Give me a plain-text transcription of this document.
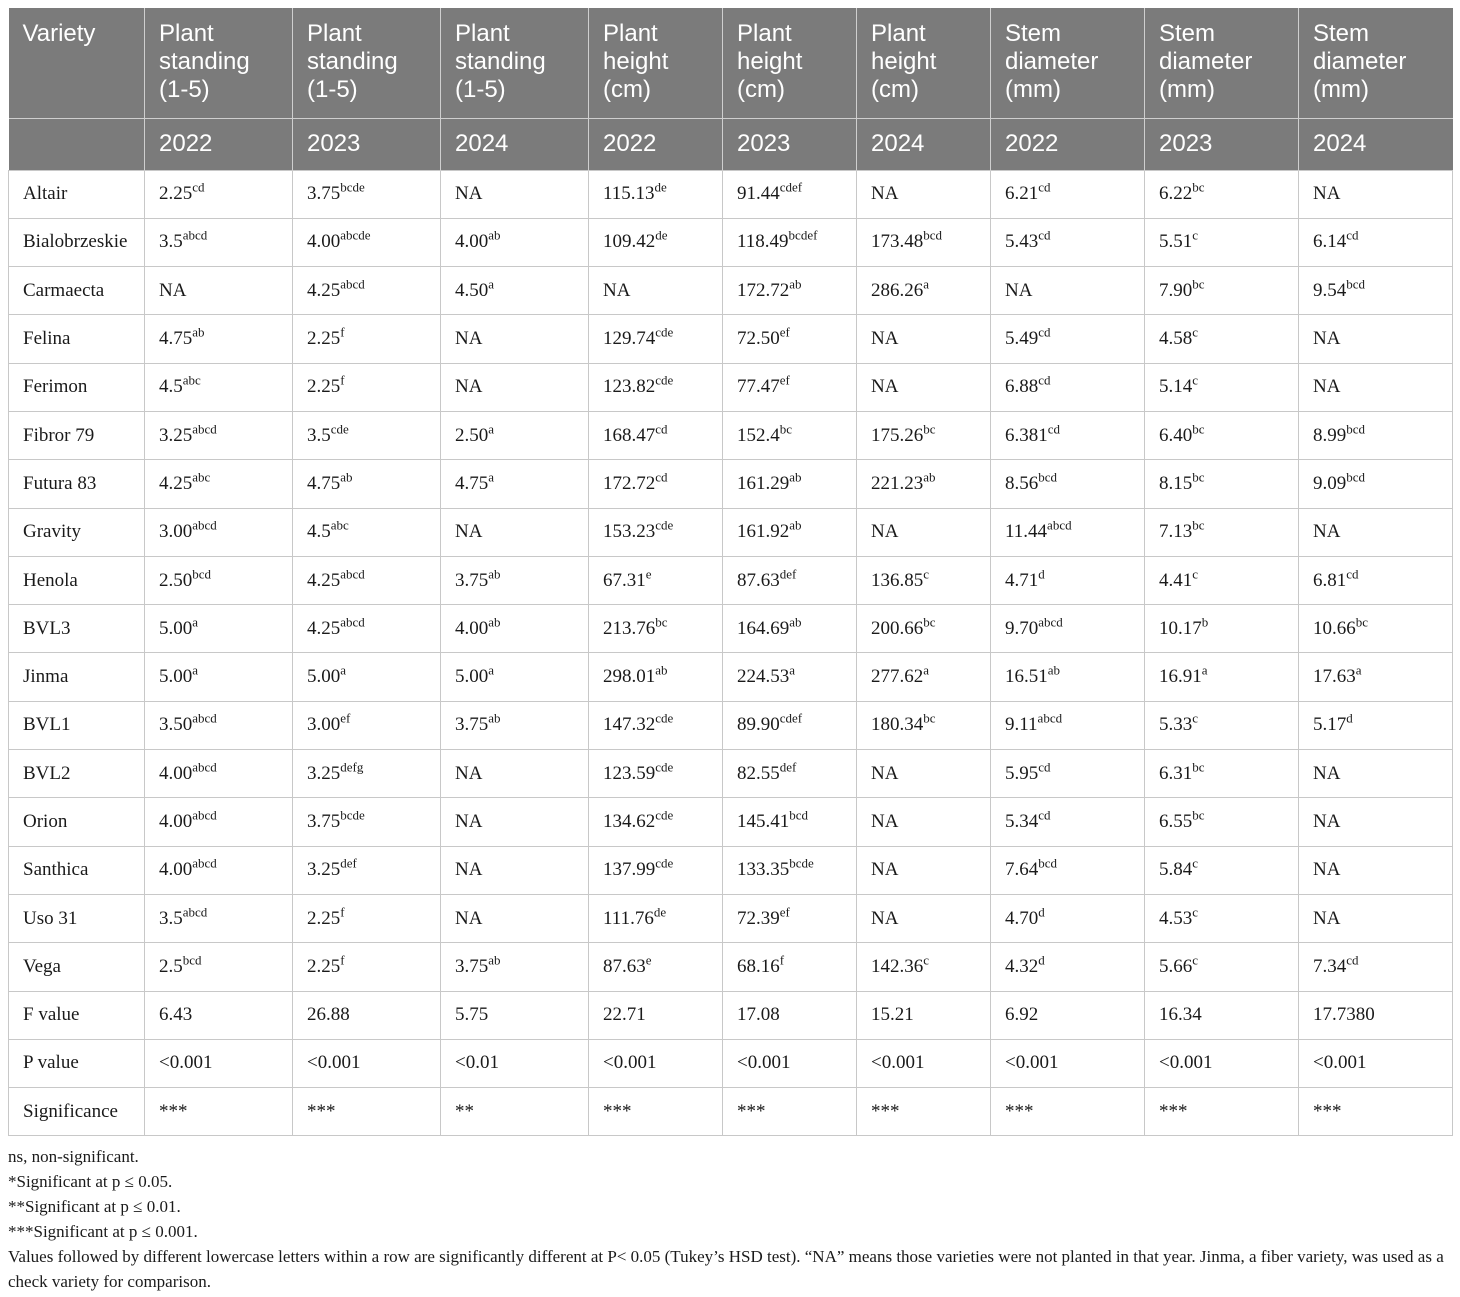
Variety	Plant standing (1-5)	Plant standing (1-5)	Plant standing (1-5)	Plant height (cm)	Plant height (cm)	Plant height (cm)	Stem diameter (mm)	Stem diameter (mm)	Stem diameter (mm)
	2022	2023	2024	2022	2023	2024	2022	2023	2024
Altair	2.25$^{cd}$	$3.75^{bcde}$	NA	115.13de	$91.44^{cdef}$	NA	6.21$^{cd}$	6.22$^{bc}$	NA
Bialobrzeskie	$3.5^{abcd}$	$4.00^{abcde}$	4.00$^{ab}$	109.42de	$118.49^{bcdef}$	173.48$^{bcd}$	5.43$^{cd}$	5.51$^c$	6.14$^{cd}$
Carmaecta	NA	$4.25^{abcd}$	4.50$^a$	NA	172.72$^{ab}$	286.26$^a$	NA	7.90$^{bc}$	9.54$^{bcd}$
Felina	4.75$^{ab}$	2.25$^f$	NA	129.74$^{cde}$	72.50$^{ef}$	NA	5.49$^{cd}$	4.58$^c$	NA
Ferimon	4.5$^{abc}$	2.25$^f$	NA	123.82$^{cde}$	77.47$^{ef}$	NA	6.88$^{cd}$	5.14$^c$	NA
Fibror 79	$3.25^{abcd}$	3.5$^{cde}$	2.50$^a$	168.47$^{cd}$	152.4$^{bc}$	175.26$^{bc}$	6.381$^{cd}$	6.40$^{bc}$	8.99$^{bcd}$
Futura 83	4.25$^{abc}$	4.75$^{ab}$	4.75$^a$	172.72$^{cd}$	161.29$^{ab}$	221.23$^{ab}$	8.56$^{bcd}$	8.15$^{bc}$	9.09$^{bcd}$
Gravity	$3.00^{abcd}$	4.5$^{abc}$	NA	153.23$^{cde}$	161.92$^{ab}$	NA	$11.44^{abcd}$	7.13$^{bc}$	NA
Henola	2.50$^{bcd}$	$4.25^{abcd}$	3.75$^{ab}$	67.31e	87.63$^{def}$	136.85$^c$	4.71$^d$	4.41$^c$	6.81$^{cd}$
BVL3	5.00$^a$	$4.25^{abcd}$	4.00$^{ab}$	213.76$^{bc}$	164.69$^{ab}$	200.66$^{bc}$	$9.70^{abcd}$	10.17$^b$	10.66$^{bc}$
Jinma	5.00$^a$	5.00$^a$	5.00$^a$	298.01$^{ab}$	224.53$^a$	277.62$^a$	16.51$^{ab}$	16.91$^a$	17.63$^a$
BVL1	$3.50^{abcd}$	3.00$^{ef}$	3.75$^{ab}$	147.32$^{cde}$	$89.90^{cdef}$	180.34$^{bc}$	$9.11^{abcd}$	5.33$^c$	5.17$^d$
BVL2	$4.00^{abcd}$	$3.25^{defg}$	NA	123.59$^{cde}$	82.55$^{def}$	NA	5.95$^{cd}$	6.31$^{bc}$	NA
Orion	$4.00^{abcd}$	$3.75^{bcde}$	NA	134.62$^{cde}$	145.41$^{bcd}$	NA	5.34$^{cd}$	6.55$^{bc}$	NA
Santhica	$4.00^{abcd}$	3.25$^{def}$	NA	137.99$^{cde}$	$133.35^{bcde}$	NA	7.64$^{bcd}$	5.84$^c$	NA
Uso 31	$3.5^{abcd}$	2.25$^f$	NA	111.76de	72.39$^{ef}$	NA	4.70$^d$	4.53$^c$	NA
Vega	2.5$^{bcd}$	2.25$^f$	3.75$^{ab}$	87.63e	68.16$^f$	142.36$^c$	4.32$^d$	5.66$^c$	7.34$^{cd}$
F value	6.43	26.88	5.75	22.71	17.08	15.21	6.92	16.34	17.7380
P value	<0.001	<0.001	<0.01	<0.001	<0.001	<0.001	<0.001	<0.001	<0.001
Significance	***	***	**	***	***	***	***	***	***
ns, non-significant.
*Significant at p ≤ 0.05.
**Significant at p ≤ 0.01.
***Significant at p ≤ 0.001.
Values followed by different lowercase letters within a row are significantly different at P< 0.05 (Tukey’s HSD test). “NA” means those varieties were not planted in that year. Jinma, a fiber variety, was used as a check variety for comparison.
